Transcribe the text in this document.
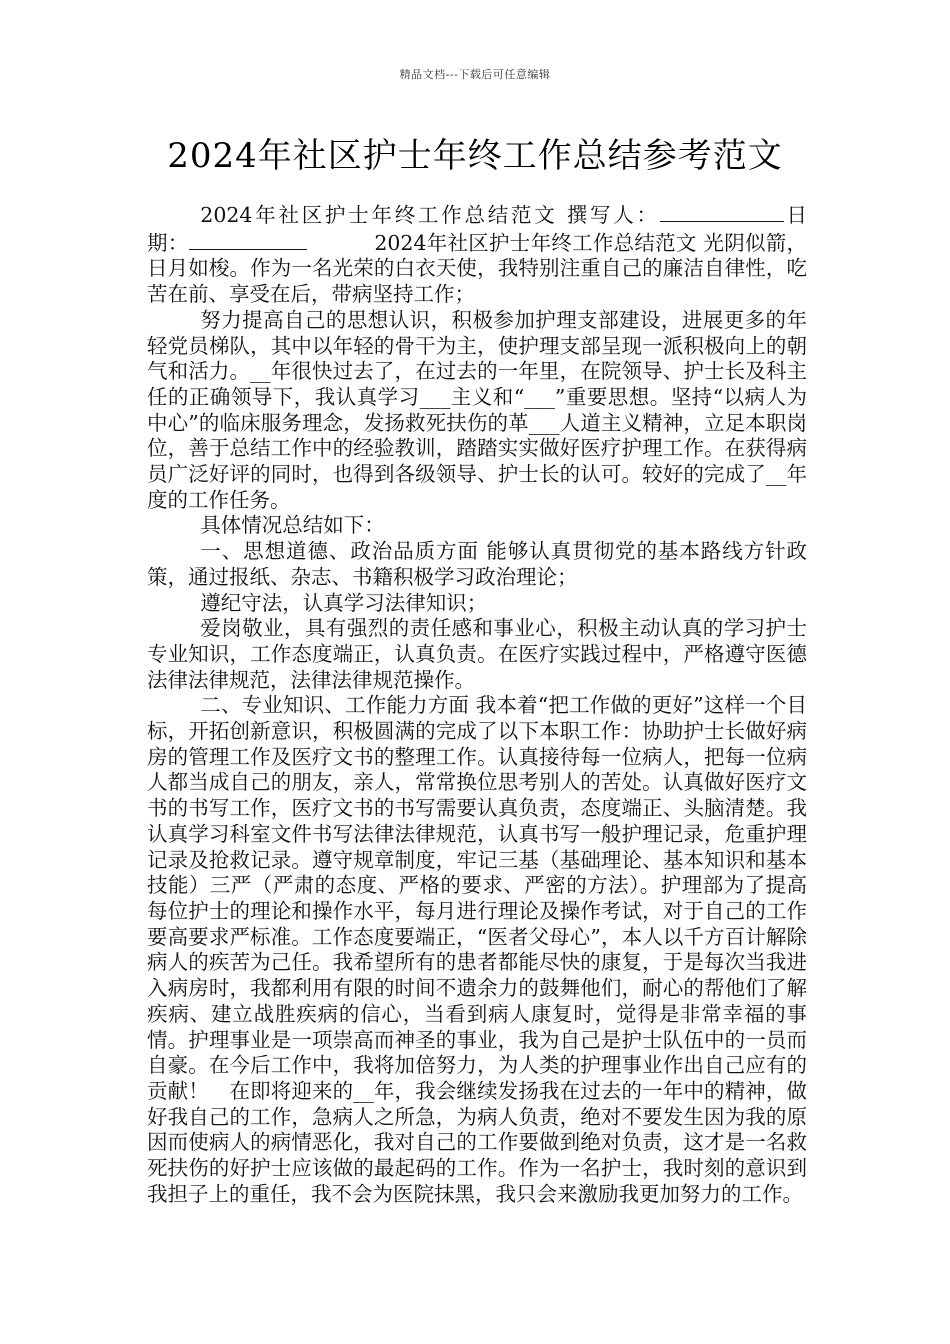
精品文档---下载后可任意编辑
2024年社区护士年终工作总结参考范文

2024年社区护士年终工作总结范文 撰写人：	日　期：	2024年社区护士年终工作总结范文 光阴似箭，日月如梭。作为一名光荣的白衣天使，我特别注重自己的廉洁自律性，吃苦在前、享受在后，带病坚持工作；

努力提高自己的思想认识，积极参加护理支部建设，进展更多的年轻党员梯队，其中以年轻的骨干为主，使护理支部呈现一派积极向上的朝气和活力。__年很快过去了，在过去的一年里，在院领导、护士长及科主任的正确领导下，我认真学习___主义和“___”重要思想。坚持“以病人为中心”的临床服务理念，发扬救死扶伤的革___人道主义精神，立足本职岗位，善于总结工作中的经验教训，踏踏实实做好医疗护理工作。在获得病员广泛好评的同时，也得到各级领导、护士长的认可。较好的完成了__年度的工作任务。

具体情况总结如下：

一、思想道德、政治品质方面 能够认真贯彻党的基本路线方针政策，通过报纸、杂志、书籍积极学习政治理论；

遵纪守法，认真学习法律知识；

爱岗敬业，具有强烈的责任感和事业心，积极主动认真的学习护士专业知识，工作态度端正，认真负责。在医疗实践过程中，严格遵守医德法律法律规范，法律法律规范操作。

二、专业知识、工作能力方面 我本着“把工作做的更好”这样一个目标，开拓创新意识，积极圆满的完成了以下本职工作：协助护士长做好病房的管理工作及医疗文书的整理工作。认真接待每一位病人，把每一位病人都当成自己的朋友，亲人，常常换位思考别人的苦处。认真做好医疗文书的书写工作，医疗文书的书写需要认真负责，态度端正、头脑清楚。我认真学习科室文件书写法律法律规范，认真书写一般护理记录，危重护理记录及抢救记录。遵守规章制度，牢记三基（基础理论、基本知识和基本技能）三严（严肃的态度、严格的要求、严密的方法）。护理部为了提高每位护士的理论和操作水平，每月进行理论及操作考试，对于自己的工作要高要求严标准。工作态度要端正，“医者父母心”，本人以千方百计解除病人的疾苦为己任。我希望所有的患者都能尽快的康复，于是每次当我进入病房时，我都利用有限的时间不遗余力的鼓舞他们，耐心的帮他们了解疾病、建立战胜疾病的信心，当看到病人康复时，觉得是非常幸福的事情。护理事业是一项崇高而神圣的事业，我为自己是护士队伍中的一员而自豪。在今后工作中，我将加倍努力，为人类的护理事业作出自己应有的贡献！　在即将迎来的__年，我会继续发扬我在过去的一年中的精神，做好我自己的工作，急病人之所急，为病人负责，绝对不要发生因为我的原因而使病人的病情恶化，我对自己的工作要做到绝对负责，这才是一名救死扶伤的好护士应该做的最起码的工作。作为一名护士，我时刻的意识到我担子上的重任，我不会为医院抹黑，我只会来激励我更加努力的工作。
